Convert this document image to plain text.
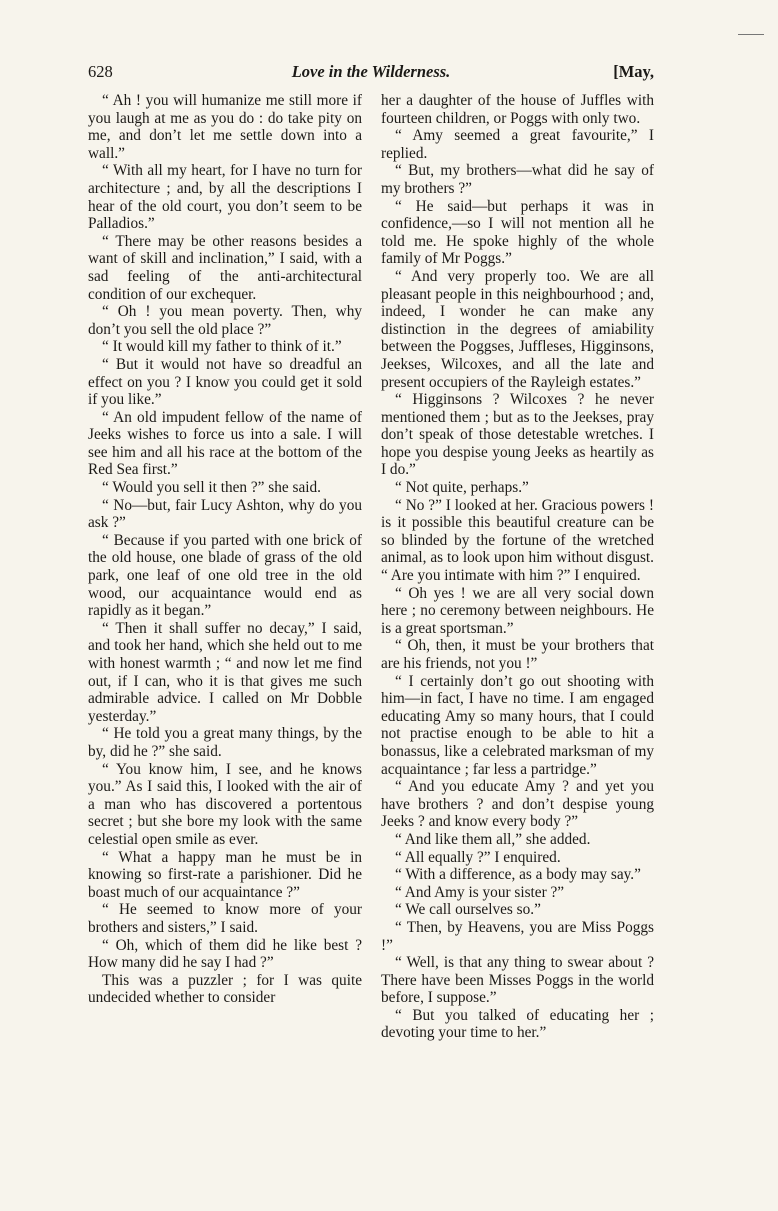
628	Love in the Wilderness.	[May,

“ Ah ! you will humanize me still more if you laugh at me as you do : do take pity on me, and don’t let me settle down into a wall.”

“ With all my heart, for I have no turn for architecture ; and, by all the descriptions I hear of the old court, you don’t seem to be Palladios.”

“ There may be other reasons besides a want of skill and inclination,” I said, with a sad feeling of the anti-architectural condition of our exchequer.

“ Oh ! you mean poverty. Then, why don’t you sell the old place ?”

“ It would kill my father to think of it.”

“ But it would not have so dreadful an effect on you ? I know you could get it sold if you like.”

“ An old impudent fellow of the name of Jeeks wishes to force us into a sale. I will see him and all his race at the bottom of the Red Sea first.”

“ Would you sell it then ?” she said.

“ No—but, fair Lucy Ashton, why do you ask ?”

“ Because if you parted with one brick of the old house, one blade of grass of the old park, one leaf of one old tree in the old wood, our acquaintance would end as rapidly as it began.”

“ Then it shall suffer no decay,” I said, and took her hand, which she held out to me with honest warmth ; “ and now let me find out, if I can, who it is that gives me such admirable advice. I called on Mr Dobble yesterday.”

“ He told you a great many things, by the by, did he ?” she said.

“ You know him, I see, and he knows you.” As I said this, I looked with the air of a man who has discovered a portentous secret ; but she bore my look with the same celestial open smile as ever.

“ What a happy man he must be in knowing so first-rate a parishioner. Did he boast much of our acquaintance ?”

“ He seemed to know more of your brothers and sisters,” I said.

“ Oh, which of them did he like best ? How many did he say I had ?”

This was a puzzler ; for I was quite undecided whether to consider

her a daughter of the house of Juffles with fourteen children, or Poggs with only two.

“ Amy seemed a great favourite,” I replied.

“ But, my brothers—what did he say of my brothers ?”

“ He said—but perhaps it was in confidence,—so I will not mention all he told me. He spoke highly of the whole family of Mr Poggs.”

“ And very properly too. We are all pleasant people in this neighbourhood ; and, indeed, I wonder he can make any distinction in the degrees of amiability between the Poggses, Juffleses, Higginsons, Jeekses, Wilcoxes, and all the late and present occupiers of the Rayleigh estates.”

“ Higginsons ? Wilcoxes ? he never mentioned them ; but as to the Jeekses, pray don’t speak of those detestable wretches. I hope you despise young Jeeks as heartily as I do.”

“ Not quite, perhaps.”

“ No ?” I looked at her. Gracious powers ! is it possible this beautiful creature can be so blinded by the fortune of the wretched animal, as to look upon him without disgust. “ Are you intimate with him ?” I enquired.

“ Oh yes ! we are all very social down here ; no ceremony between neighbours. He is a great sportsman.”

“ Oh, then, it must be your brothers that are his friends, not you !”

“ I certainly don’t go out shooting with him—in fact, I have no time. I am engaged educating Amy so many hours, that I could not practise enough to be able to hit a bonassus, like a celebrated marksman of my acquaintance ; far less a partridge.”

“ And you educate Amy ? and yet you have brothers ? and don’t despise young Jeeks ? and know every body ?”

“ And like them all,” she added.

“ All equally ?” I enquired.

“ With a difference, as a body may say.”

“ And Amy is your sister ?”

“ We call ourselves so.”

“ Then, by Heavens, you are Miss Poggs !”

“ Well, is that any thing to swear about ? There have been Misses Poggs in the world before, I suppose.”

“ But you talked of educating her ; devoting your time to her.”
